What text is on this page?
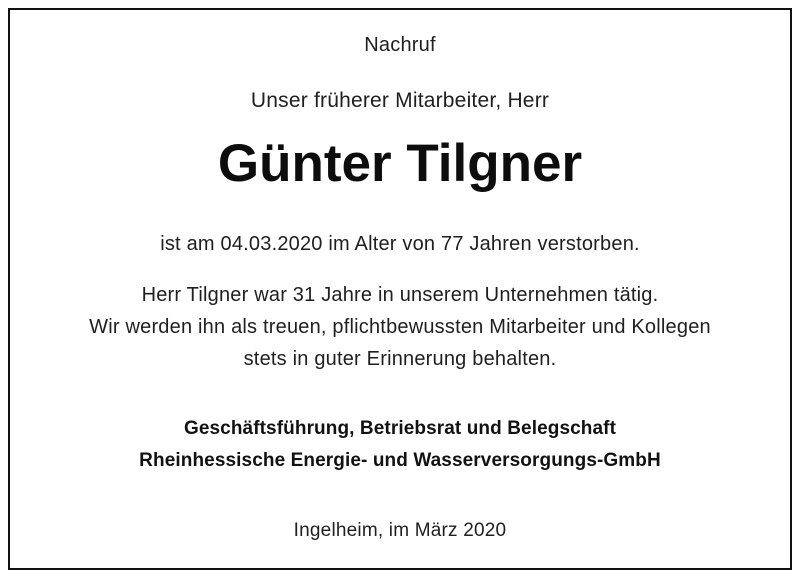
Nachruf
Unser früherer Mitarbeiter, Herr
Günter Tilgner
ist am 04.03.2020 im Alter von 77 Jahren verstorben.
Herr Tilgner war 31 Jahre in unserem Unternehmen tätig.
Wir werden ihn als treuen, pflichtbewussten Mitarbeiter und Kollegen
stets in guter Erinnerung behalten.
Geschäftsführung, Betriebsrat und Belegschaft
Rheinhessische Energie- und Wasserversorgungs-GmbH
Ingelheim, im März 2020
